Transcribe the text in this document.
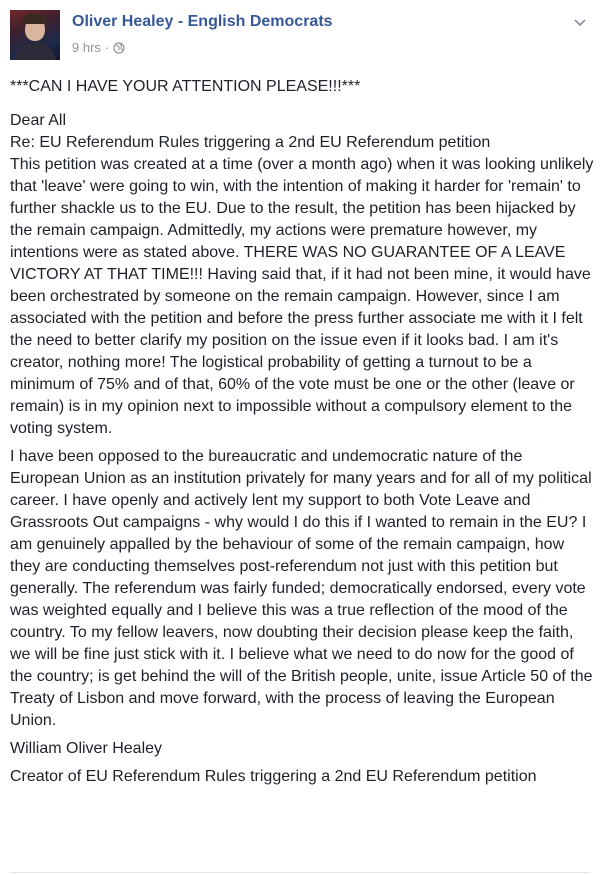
Oliver Healey - English Democrats
9 hrs ·

***CAN I HAVE YOUR ATTENTION PLEASE!!!***

Dear All

Re: EU Referendum Rules triggering a 2nd EU Referendum petition

This petition was created at a time (over a month ago) when it was looking unlikely that 'leave' were going to win, with the intention of making it harder for 'remain' to further shackle us to the EU. Due to the result, the petition has been hijacked by the remain campaign. Admittedly, my actions were premature however, my intentions were as stated above. THERE WAS NO GUARANTEE OF A LEAVE VICTORY AT THAT TIME!!! Having said that, if it had not been mine, it would have been orchestrated by someone on the remain campaign. However, since I am associated with the petition and before the press further associate me with it I felt the need to better clarify my position on the issue even if it looks bad. I am it's creator, nothing more! The logistical probability of getting a turnout to be a minimum of 75% and of that, 60% of the vote must be one or the other (leave or remain) is in my opinion next to impossible without a compulsory element to the voting system.

I have been opposed to the bureaucratic and undemocratic nature of the European Union as an institution privately for many years and for all of my political career. I have openly and actively lent my support to both Vote Leave and Grassroots Out campaigns - why would I do this if I wanted to remain in the EU? I am genuinely appalled by the behaviour of some of the remain campaign, how they are conducting themselves post-referendum not just with this petition but generally. The referendum was fairly funded; democratically endorsed, every vote was weighted equally and I believe this was a true reflection of the mood of the country. To my fellow leavers, now doubting their decision please keep the faith, we will be fine just stick with it. I believe what we need to do now for the good of the country; is get behind the will of the British people, unite, issue Article 50 of the Treaty of Lisbon and move forward, with the process of leaving the European Union.

William Oliver Healey

Creator of EU Referendum Rules triggering a 2nd EU Referendum petition
